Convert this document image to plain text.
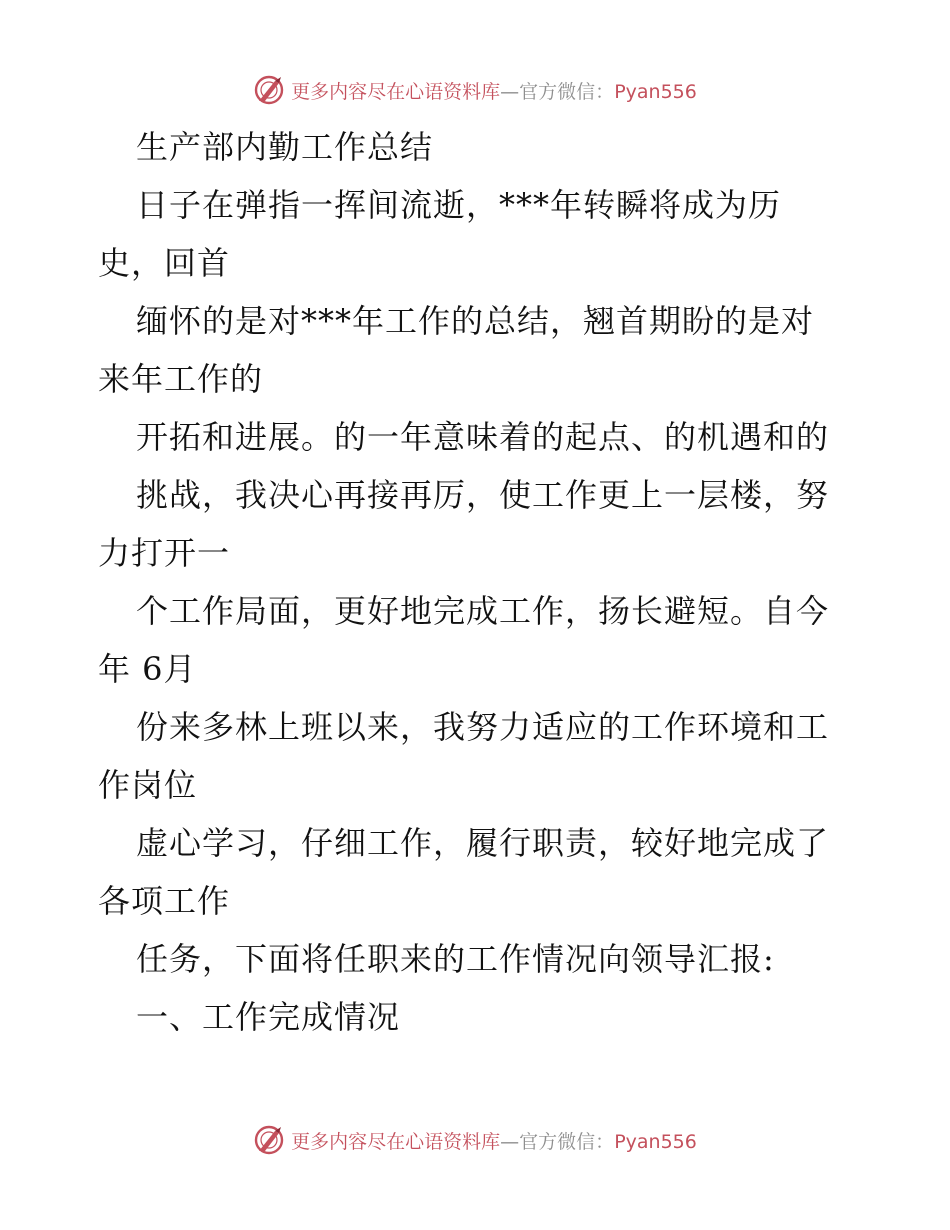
更多内容尽在心语资料库—官方微信：Pyan556
生产部内勤工作总结
日子在弹指一挥间流逝，***年转瞬将成为历
史，回首
缅怀的是对***年工作的总结，翘首期盼的是对
来年工作的
开拓和进展。的一年意味着的起点、的机遇和的
挑战，我决心再接再厉，使工作更上一层楼，努
力打开一
个工作局面，更好地完成工作，扬长避短。自今
年 6月
份来多林上班以来，我努力适应的工作环境和工
作岗位
虚心学习，仔细工作，履行职责，较好地完成了
各项工作
任务，下面将任职来的工作情况向领导汇报:
一、工作完成情况
更多内容尽在心语资料库—官方微信：Pyan556
